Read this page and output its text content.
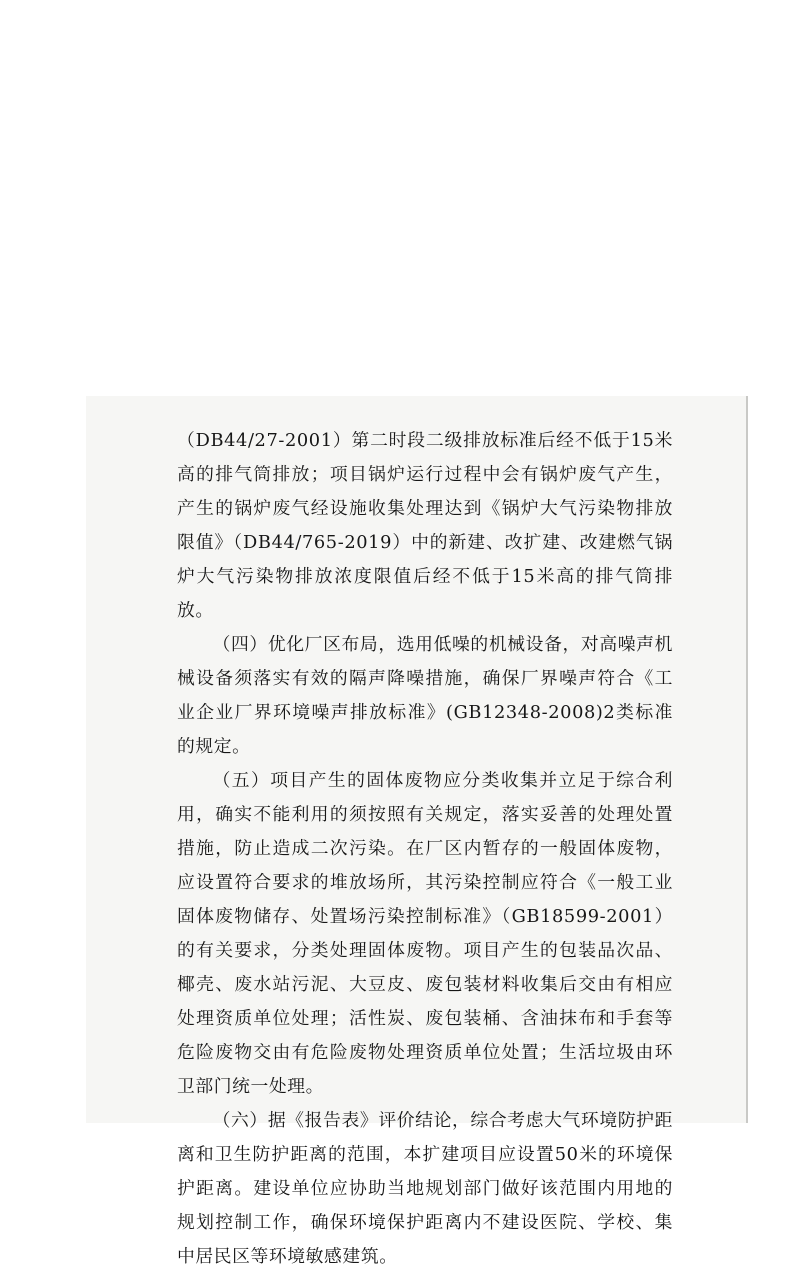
（DB44/27-2001）第二时段二级排放标准后经不低于15米高的排气筒排放；项目锅炉运行过程中会有锅炉废气产生，产生的锅炉废气经设施收集处理达到《锅炉大气污染物排放限值》（DB44/765-2019）中的新建、改扩建、改建燃气锅炉大气污染物排放浓度限值后经不低于15米高的排气筒排放。

（四）优化厂区布局，选用低噪的机械设备，对高噪声机械设备须落实有效的隔声降噪措施，确保厂界噪声符合《工业企业厂界环境噪声排放标准》(GB12348-2008)2类标准的规定。

（五）项目产生的固体废物应分类收集并立足于综合利用，确实不能利用的须按照有关规定，落实妥善的处理处置措施，防止造成二次污染。在厂区内暂存的一般固体废物，应设置符合要求的堆放场所，其污染控制应符合《一般工业固体废物储存、处置场污染控制标准》（GB18599-2001）的有关要求，分类处理固体废物。项目产生的包装品次品、椰壳、废水站污泥、大豆皮、废包装材料收集后交由有相应处理资质单位处理；活性炭、废包装桶、含油抹布和手套等危险废物交由有危险废物处理资质单位处置；生活垃圾由环卫部门统一处理。

（六）据《报告表》评价结论，综合考虑大气环境防护距离和卫生防护距离的范围，本扩建项目应设置50米的环境保护距离。建设单位应协助当地规划部门做好该范围内用地的规划控制工作，确保环境保护距离内不建设医院、学校、集中居民区等环境敏感建筑。
